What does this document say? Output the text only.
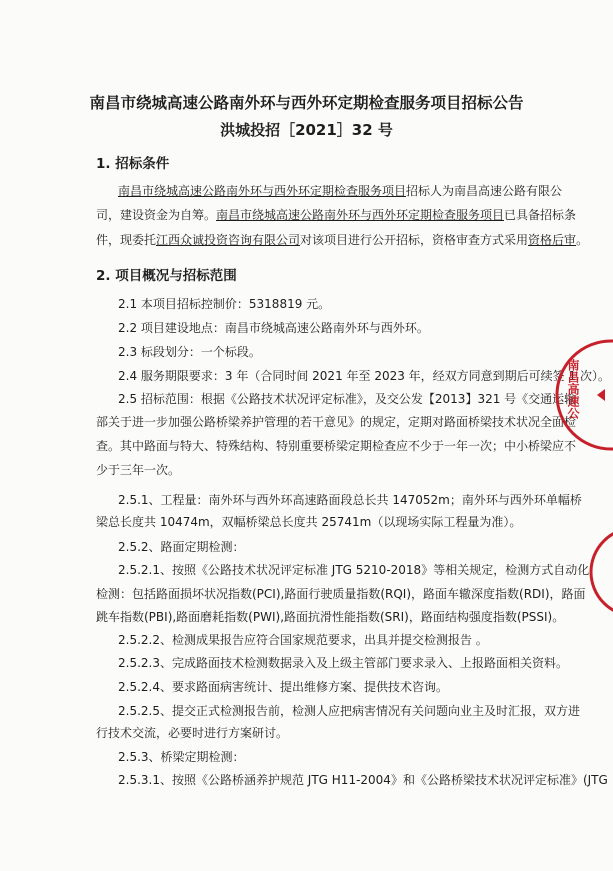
南昌市绕城高速公路南外环与西外环定期检查服务项目招标公告
洪城投招［2021］32 号
1. 招标条件
南昌市绕城高速公路南外环与西外环定期检查服务项目招标人为南昌高速公路有限公
司，建设资金为自筹。南昌市绕城高速公路南外环与西外环定期检查服务项目已具备招标条
件，现委托江西众诚投资咨询有限公司对该项目进行公开招标，资格审查方式采用资格后审。
2. 项目概况与招标范围
2.1 本项目招标控制价：5318819 元。
2.2 项目建设地点：南昌市绕城高速公路南外环与西外环。
2.3 标段划分：一个标段。
2.4 服务期限要求：3 年（合同时间 2021 年至 2023 年，经双方同意到期后可续签 1 次）。
2.5 招标范围：根据《公路技术状况评定标准》，及交公发【2013】321 号《交通运输
部关于进一步加强公路桥梁养护管理的若干意见》的规定，定期对路面桥梁技术状况全面检
查。其中路面与特大、特殊结构、特别重要桥梁定期检查应不少于一年一次；中小桥梁应不
少于三年一次。
2.5.1、工程量：南外环与西外环高速路面段总长共 147052m；南外环与西外环单幅桥
梁总长度共 10474m，双幅桥梁总长度共 25741m（以现场实际工程量为准）。
2.5.2、路面定期检测：
2.5.2.1、按照《公路技术状况评定标准 JTG 5210-2018》等相关规定，检测方式自动化
检测：包括路面损坏状况指数(PCI),路面行驶质量指数(RQI)，路面车辙深度指数(RDI)，路面
跳车指数(PBI),路面磨耗指数(PWI),路面抗滑性能指数(SRI)，路面结构强度指数(PSSI)。
2.5.2.2、检测成果报告应符合国家规范要求，出具并提交检测报告 。
2.5.2.3、完成路面技术检测数据录入及上级主管部门要求录入、上报路面相关资料。
2.5.2.4、要求路面病害统计、提出维修方案、提供技术咨询。
2.5.2.5、提交正式检测报告前，检测人应把病害情况有关问题向业主及时汇报，双方进
行技术交流，必要时进行方案研讨。
2.5.3、桥梁定期检测：
2.5.3.1、按照《公路桥涵养护规范 JTG H11-2004》和《公路桥梁技术状况评定标准》(JTG
南昌高速公
